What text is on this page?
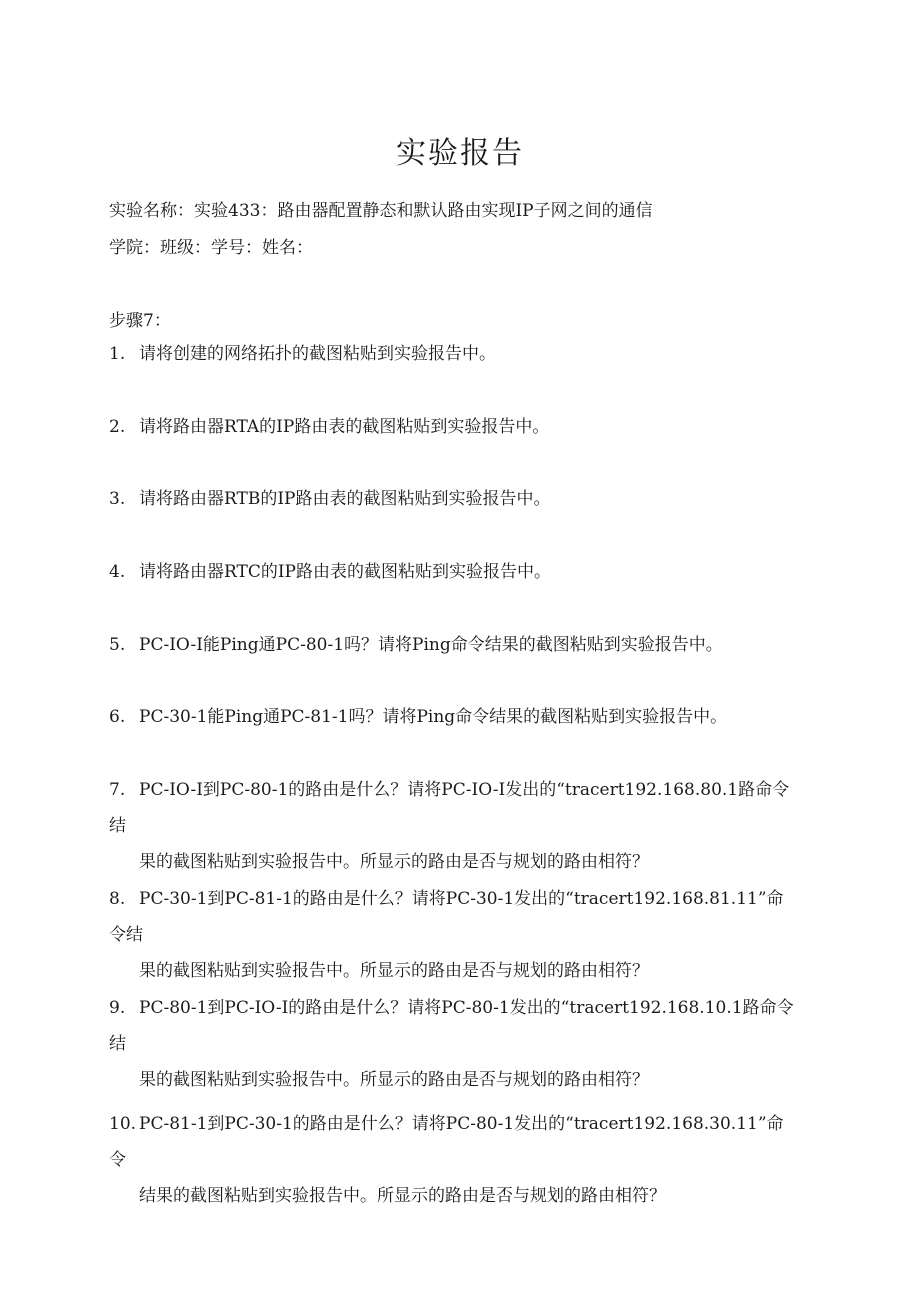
实验报告
实验名称：实验433：路由器配置静态和默认路由实现IP子网之间的通信
学院：班级：学号：姓名：
步骤7：
1. 请将创建的网络拓扑的截图粘贴到实验报告中。
2. 请将路由器RTA的IP路由表的截图粘贴到实验报告中。
3. 请将路由器RTB的IP路由表的截图粘贴到实验报告中。
4. 请将路由器RTC的IP路由表的截图粘贴到实验报告中。
5. PC-IO-I能Ping通PC-80-1吗？请将Ping命令结果的截图粘贴到实验报告中。
6. PC-30-1能Ping通PC-81-1吗？请将Ping命令结果的截图粘贴到实验报告中。
7. PC-IO-I到PC-80-1的路由是什么？请将PC-IO-I发出的“tracert192.168.80.1路命令结
果的截图粘贴到实验报告中。所显示的路由是否与规划的路由相符？
8. PC-30-1到PC-81-1的路由是什么？请将PC-30-1发出的“tracert192.168.81.11”命令结
果的截图粘贴到实验报告中。所显示的路由是否与规划的路由相符？
9. PC-80-1到PC-IO-I的路由是什么？请将PC-80-1发出的“tracert192.168.10.1路命令结
果的截图粘贴到实验报告中。所显示的路由是否与规划的路由相符？
10. PC-81-1到PC-30-1的路由是什么？请将PC-80-1发出的“tracert192.168.30.11”命令
结果的截图粘贴到实验报告中。所显示的路由是否与规划的路由相符？
